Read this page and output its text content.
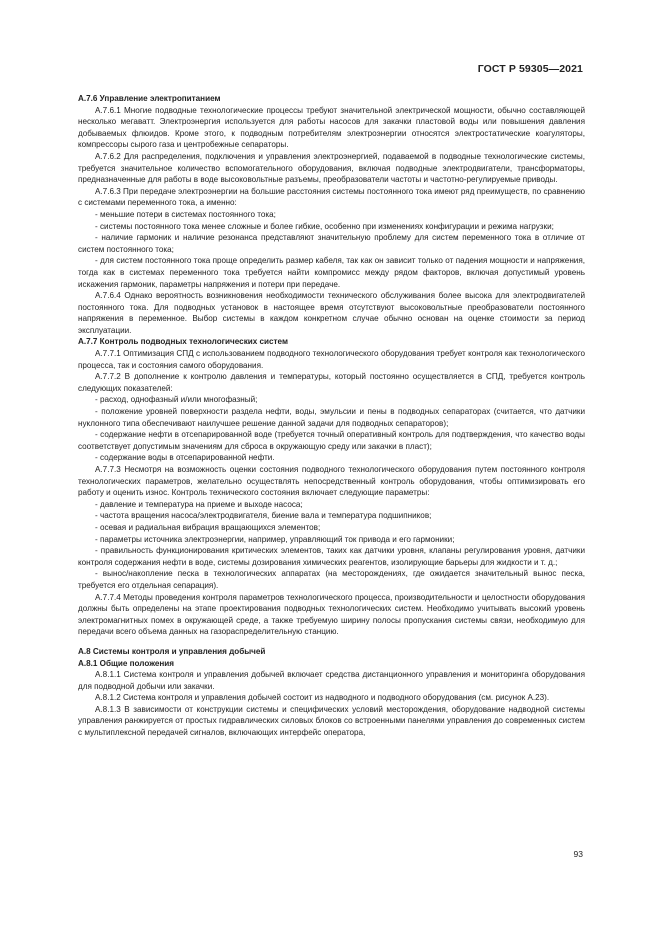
ГОСТ Р 59305—2021
А.7.6 Управление электропитанием

А.7.6.1 Многие подводные технологические процессы требуют значительной электрической мощности, обычно составляющей несколько мегаватт. Электроэнергия используется для работы насосов для закачки пластовой воды или повышения давления добываемых флюидов. Кроме этого, к подводным потребителям электроэнергии относятся электростатические коагуляторы, компрессоры сырого газа и центробежные сепараторы.

А.7.6.2 Для распределения, подключения и управления электроэнергией, подаваемой в подводные технологические системы, требуется значительное количество вспомогательного оборудования, включая подводные электродвигатели, трансформаторы, предназначенные для работы в воде высоковольтные разъемы, преобразователи частоты и частотно-регулируемые приводы.

А.7.6.3 При передаче электроэнергии на большие расстояния системы постоянного тока имеют ряд преимуществ, по сравнению с системами переменного тока, а именно:

- меньшие потери в системах постоянного тока;

- системы постоянного тока менее сложные и более гибкие, особенно при изменениях конфигурации и режима нагрузки;

- наличие гармоник и наличие резонанса представляют значительную проблему для систем переменного тока в отличие от систем постоянного тока;

- для систем постоянного тока проще определить размер кабеля, так как он зависит только от падения мощности и напряжения, тогда как в системах переменного тока требуется найти компромисс между рядом факторов, включая допустимый уровень искажения гармоник, параметры напряжения и потери при передаче.

А.7.6.4 Однако вероятность возникновения необходимости технического обслуживания более высока для электродвигателей постоянного тока. Для подводных установок в настоящее время отсутствуют высоковольтные преобразователи постоянного напряжения в переменное. Выбор системы в каждом конкретном случае обычно основан на оценке стоимости за период эксплуатации.

А.7.7 Контроль подводных технологических систем

А.7.7.1 Оптимизация СПД с использованием подводного технологического оборудования требует контроля как технологического процесса, так и состояния самого оборудования.

А.7.7.2 В дополнение к контролю давления и температуры, который постоянно осуществляется в СПД, требуется контроль следующих показателей:

- расход, однофазный и/или многофазный;

- положение уровней поверхности раздела нефти, воды, эмульсии и пены в подводных сепараторах (считается, что датчики нуклонного типа обеспечивают наилучшее решение данной задачи для подводных сепараторов);

- содержание нефти в отсепарированной воде (требуется точный оперативный контроль для подтверждения, что качество воды соответствует допустимым значениям для сброса в окружающую среду или закачки в пласт);

- содержание воды в отсепарированной нефти.

А.7.7.3 Несмотря на возможность оценки состояния подводного технологического оборудования путем постоянного контроля технологических параметров, желательно осуществлять непосредственный контроль оборудования, чтобы оптимизировать его работу и оценить износ. Контроль технического состояния включает следующие параметры:

- давление и температура на приеме и выходе насоса;

- частота вращения насоса/электродвигателя, биение вала и температура подшипников;

- осевая и радиальная вибрация вращающихся элементов;

- параметры источника электроэнергии, например, управляющий ток привода и его гармоники;

- правильность функционирования критических элементов, таких как датчики уровня, клапаны регулирования уровня, датчики контроля содержания нефти в воде, системы дозирования химических реагентов, изолирующие барьеры для жидкости и т. д.;

- вынос/накопление песка в технологических аппаратах (на месторождениях, где ожидается значительный вынос песка, требуется его отдельная сепарация).

А.7.7.4 Методы проведения контроля параметров технологического процесса, производительности и целостности оборудования должны быть определены на этапе проектирования подводных технологических систем. Необходимо учитывать высокий уровень электромагнитных помех в окружающей среде, а также требуемую ширину полосы пропускания системы связи, необходимую для передачи всего объема данных на газораспределительную станцию.

А.8 Системы контроля и управления добычей
А.8.1 Общие положения

А.8.1.1 Система контроля и управления добычей включает средства дистанционного управления и мониторинга оборудования для подводной добычи или закачки.

А.8.1.2 Система контроля и управления добычей состоит из надводного и подводного оборудования (см. рисунок А.23).

А.8.1.3 В зависимости от конструкции системы и специфических условий месторождения, оборудование надводной системы управления ранжируется от простых гидравлических силовых блоков со встроенными панелями управления до современных систем с мультиплексной передачей сигналов, включающих интерфейс оператора,

93
